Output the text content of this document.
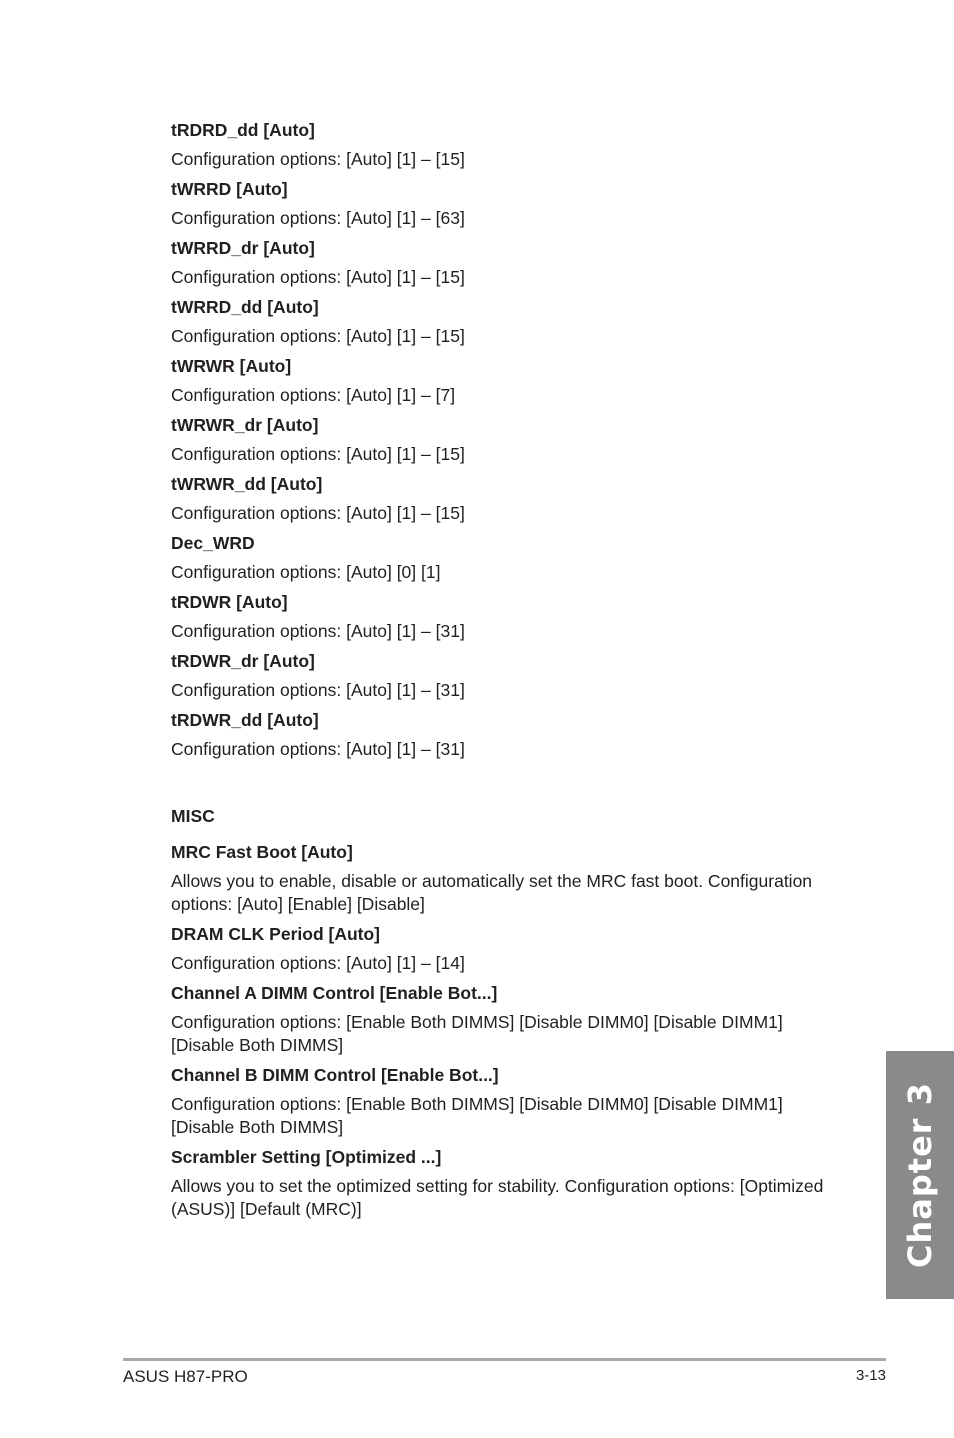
tRDRD_dd [Auto]
Configuration options: [Auto] [1] – [15]
tWRRD [Auto]
Configuration options: [Auto] [1] – [63]
tWRRD_dr [Auto]
Configuration options: [Auto] [1] – [15]
tWRRD_dd [Auto]
Configuration options: [Auto] [1] – [15]
tWRWR [Auto]
Configuration options: [Auto] [1] – [7]
tWRWR_dr [Auto]
Configuration options: [Auto] [1] – [15]
tWRWR_dd [Auto]
Configuration options: [Auto] [1] – [15]
Dec_WRD
Configuration options: [Auto] [0] [1]
tRDWR [Auto]
Configuration options: [Auto] [1] – [31]
tRDWR_dr [Auto]
Configuration options: [Auto] [1] – [31]
tRDWR_dd [Auto]
Configuration options: [Auto] [1] – [31]
MISC
MRC Fast Boot [Auto]
Allows you to enable, disable or automatically set the MRC fast boot. Configuration options: [Auto] [Enable] [Disable]
DRAM CLK Period [Auto]
Configuration options: [Auto] [1] – [14]
Channel A DIMM Control [Enable Bot...]
Configuration options: [Enable Both DIMMS] [Disable DIMM0] [Disable DIMM1] [Disable Both DIMMS]
Channel B DIMM Control [Enable Bot...]
Configuration options: [Enable Both DIMMS] [Disable DIMM0] [Disable DIMM1] [Disable Both DIMMS]
Scrambler Setting [Optimized ...]
Allows you to set the optimized setting for stability. Configuration options: [Optimized (ASUS)] [Default (MRC)]	Chapter 3
ASUS H87-PRO	3-13
